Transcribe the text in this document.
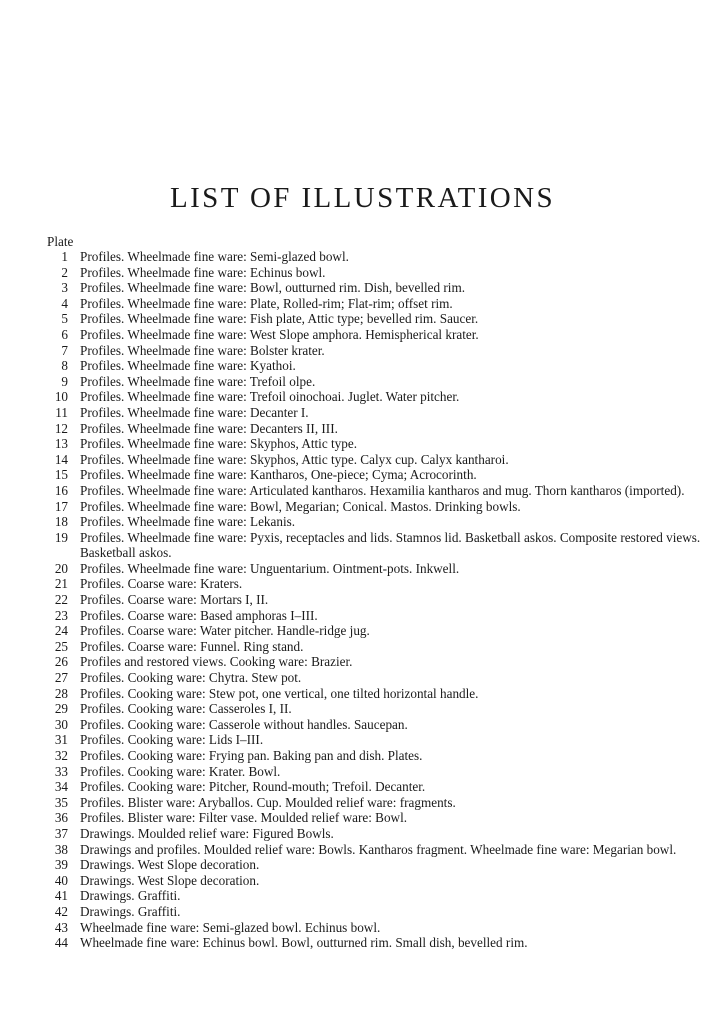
LIST OF ILLUSTRATIONS
Plate
1 Profiles. Wheelmade fine ware: Semi-glazed bowl.
2 Profiles. Wheelmade fine ware: Echinus bowl.
3 Profiles. Wheelmade fine ware: Bowl, outturned rim. Dish, bevelled rim.
4 Profiles. Wheelmade fine ware: Plate, Rolled-rim; Flat-rim; offset rim.
5 Profiles. Wheelmade fine ware: Fish plate, Attic type; bevelled rim. Saucer.
6 Profiles. Wheelmade fine ware: West Slope amphora. Hemispherical krater.
7 Profiles. Wheelmade fine ware: Bolster krater.
8 Profiles. Wheelmade fine ware: Kyathoi.
9 Profiles. Wheelmade fine ware: Trefoil olpe.
10 Profiles. Wheelmade fine ware: Trefoil oinochoai. Juglet. Water pitcher.
11 Profiles. Wheelmade fine ware: Decanter I.
12 Profiles. Wheelmade fine ware: Decanters II, III.
13 Profiles. Wheelmade fine ware: Skyphos, Attic type.
14 Profiles. Wheelmade fine ware: Skyphos, Attic type. Calyx cup. Calyx kantharoi.
15 Profiles. Wheelmade fine ware: Kantharos, One-piece; Cyma; Acrocorinth.
16 Profiles. Wheelmade fine ware: Articulated kantharos. Hexamilia kantharos and mug. Thorn kantharos (imported).
17 Profiles. Wheelmade fine ware: Bowl, Megarian; Conical. Mastos. Drinking bowls.
18 Profiles. Wheelmade fine ware: Lekanis.
19 Profiles. Wheelmade fine ware: Pyxis, receptacles and lids. Stamnos lid. Basketball askos. Composite restored views. Basketball askos.
20 Profiles. Wheelmade fine ware: Unguentarium. Ointment-pots. Inkwell.
21 Profiles. Coarse ware: Kraters.
22 Profiles. Coarse ware: Mortars I, II.
23 Profiles. Coarse ware: Based amphoras I–III.
24 Profiles. Coarse ware: Water pitcher. Handle-ridge jug.
25 Profiles. Coarse ware: Funnel. Ring stand.
26 Profiles and restored views. Cooking ware: Brazier.
27 Profiles. Cooking ware: Chytra. Stew pot.
28 Profiles. Cooking ware: Stew pot, one vertical, one tilted horizontal handle.
29 Profiles. Cooking ware: Casseroles I, II.
30 Profiles. Cooking ware: Casserole without handles. Saucepan.
31 Profiles. Cooking ware: Lids I–III.
32 Profiles. Cooking ware: Frying pan. Baking pan and dish. Plates.
33 Profiles. Cooking ware: Krater. Bowl.
34 Profiles. Cooking ware: Pitcher, Round-mouth; Trefoil. Decanter.
35 Profiles. Blister ware: Aryballos. Cup. Moulded relief ware: fragments.
36 Profiles. Blister ware: Filter vase. Moulded relief ware: Bowl.
37 Drawings. Moulded relief ware: Figured Bowls.
38 Drawings and profiles. Moulded relief ware: Bowls. Kantharos fragment. Wheelmade fine ware: Megarian bowl.
39 Drawings. West Slope decoration.
40 Drawings. West Slope decoration.
41 Drawings. Graffiti.
42 Drawings. Graffiti.
43 Wheelmade fine ware: Semi-glazed bowl. Echinus bowl.
44 Wheelmade fine ware: Echinus bowl. Bowl, outturned rim. Small dish, bevelled rim.
